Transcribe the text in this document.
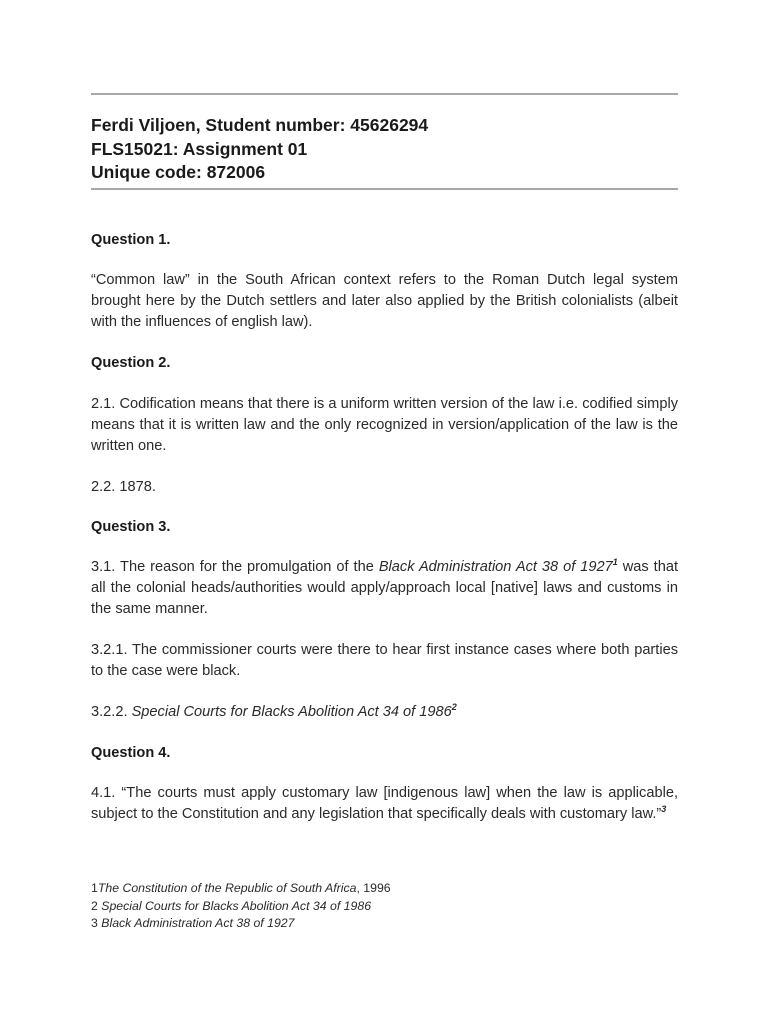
Ferdi Viljoen, Student number: 45626294
FLS15021: Assignment 01
Unique code: 872006
Question 1.
“Common law” in the South African context refers to the Roman Dutch legal system brought here by the Dutch settlers and later also applied by the British colonialists (albeit with the influences of english law).
Question 2.
2.1. Codification means that there is a uniform written version of the law i.e. codified simply means that it is written law and the only recognized in version/application of the law is the written one.
2.2. 1878.
Question 3.
3.1. The reason for the promulgation of the Black Administration Act 38 of 1927$^1$ was that all the colonial heads/authorities would apply/approach local [native] laws and customs in the same manner.
3.2.1. The commissioner courts were there to hear first instance cases where both parties to the case were black.
3.2.2. Special Courts for Blacks Abolition Act 34 of 1986$^2$
Question 4.
4.1. “The courts must apply customary law [indigenous law] when the law is applicable, subject to the Constitution and any legislation that specifically deals with customary law.”$^3$
1The Constitution of the Republic of South Africa, 1996
2 Special Courts for Blacks Abolition Act 34 of 1986
3 Black Administration Act 38 of 1927
